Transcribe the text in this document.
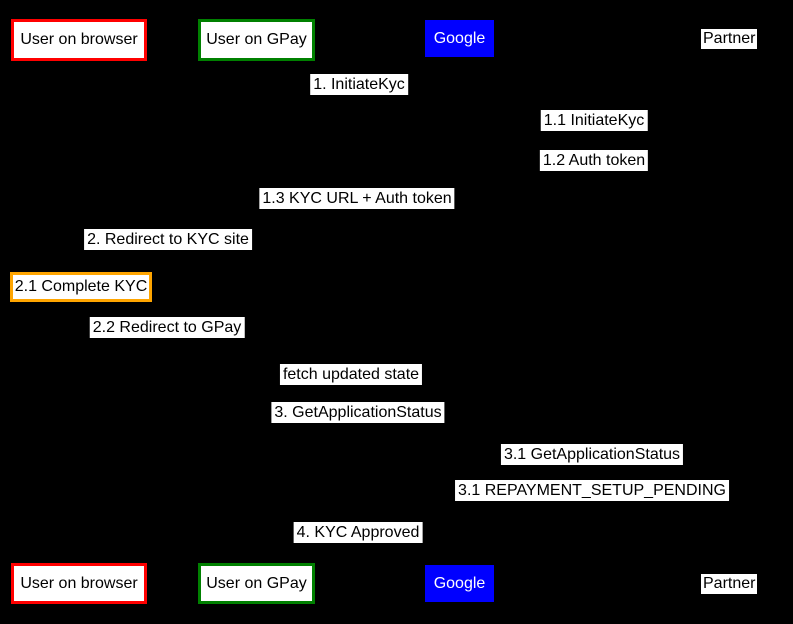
User on browser	User on GPay	Google	Partner
1. InitiateKyc
1.1 InitiateKyc
1.2 Auth token
1.3 KYC URL + Auth token
2. Redirect to KYC site
2.1 Complete KYC
2.2 Redirect to GPay
fetch updated state
3. GetApplicationStatus
3.1 GetApplicationStatus
3.1 REPAYMENT_SETUP_PENDING
4. KYC Approved
User on browser	User on GPay	Google	Partner
